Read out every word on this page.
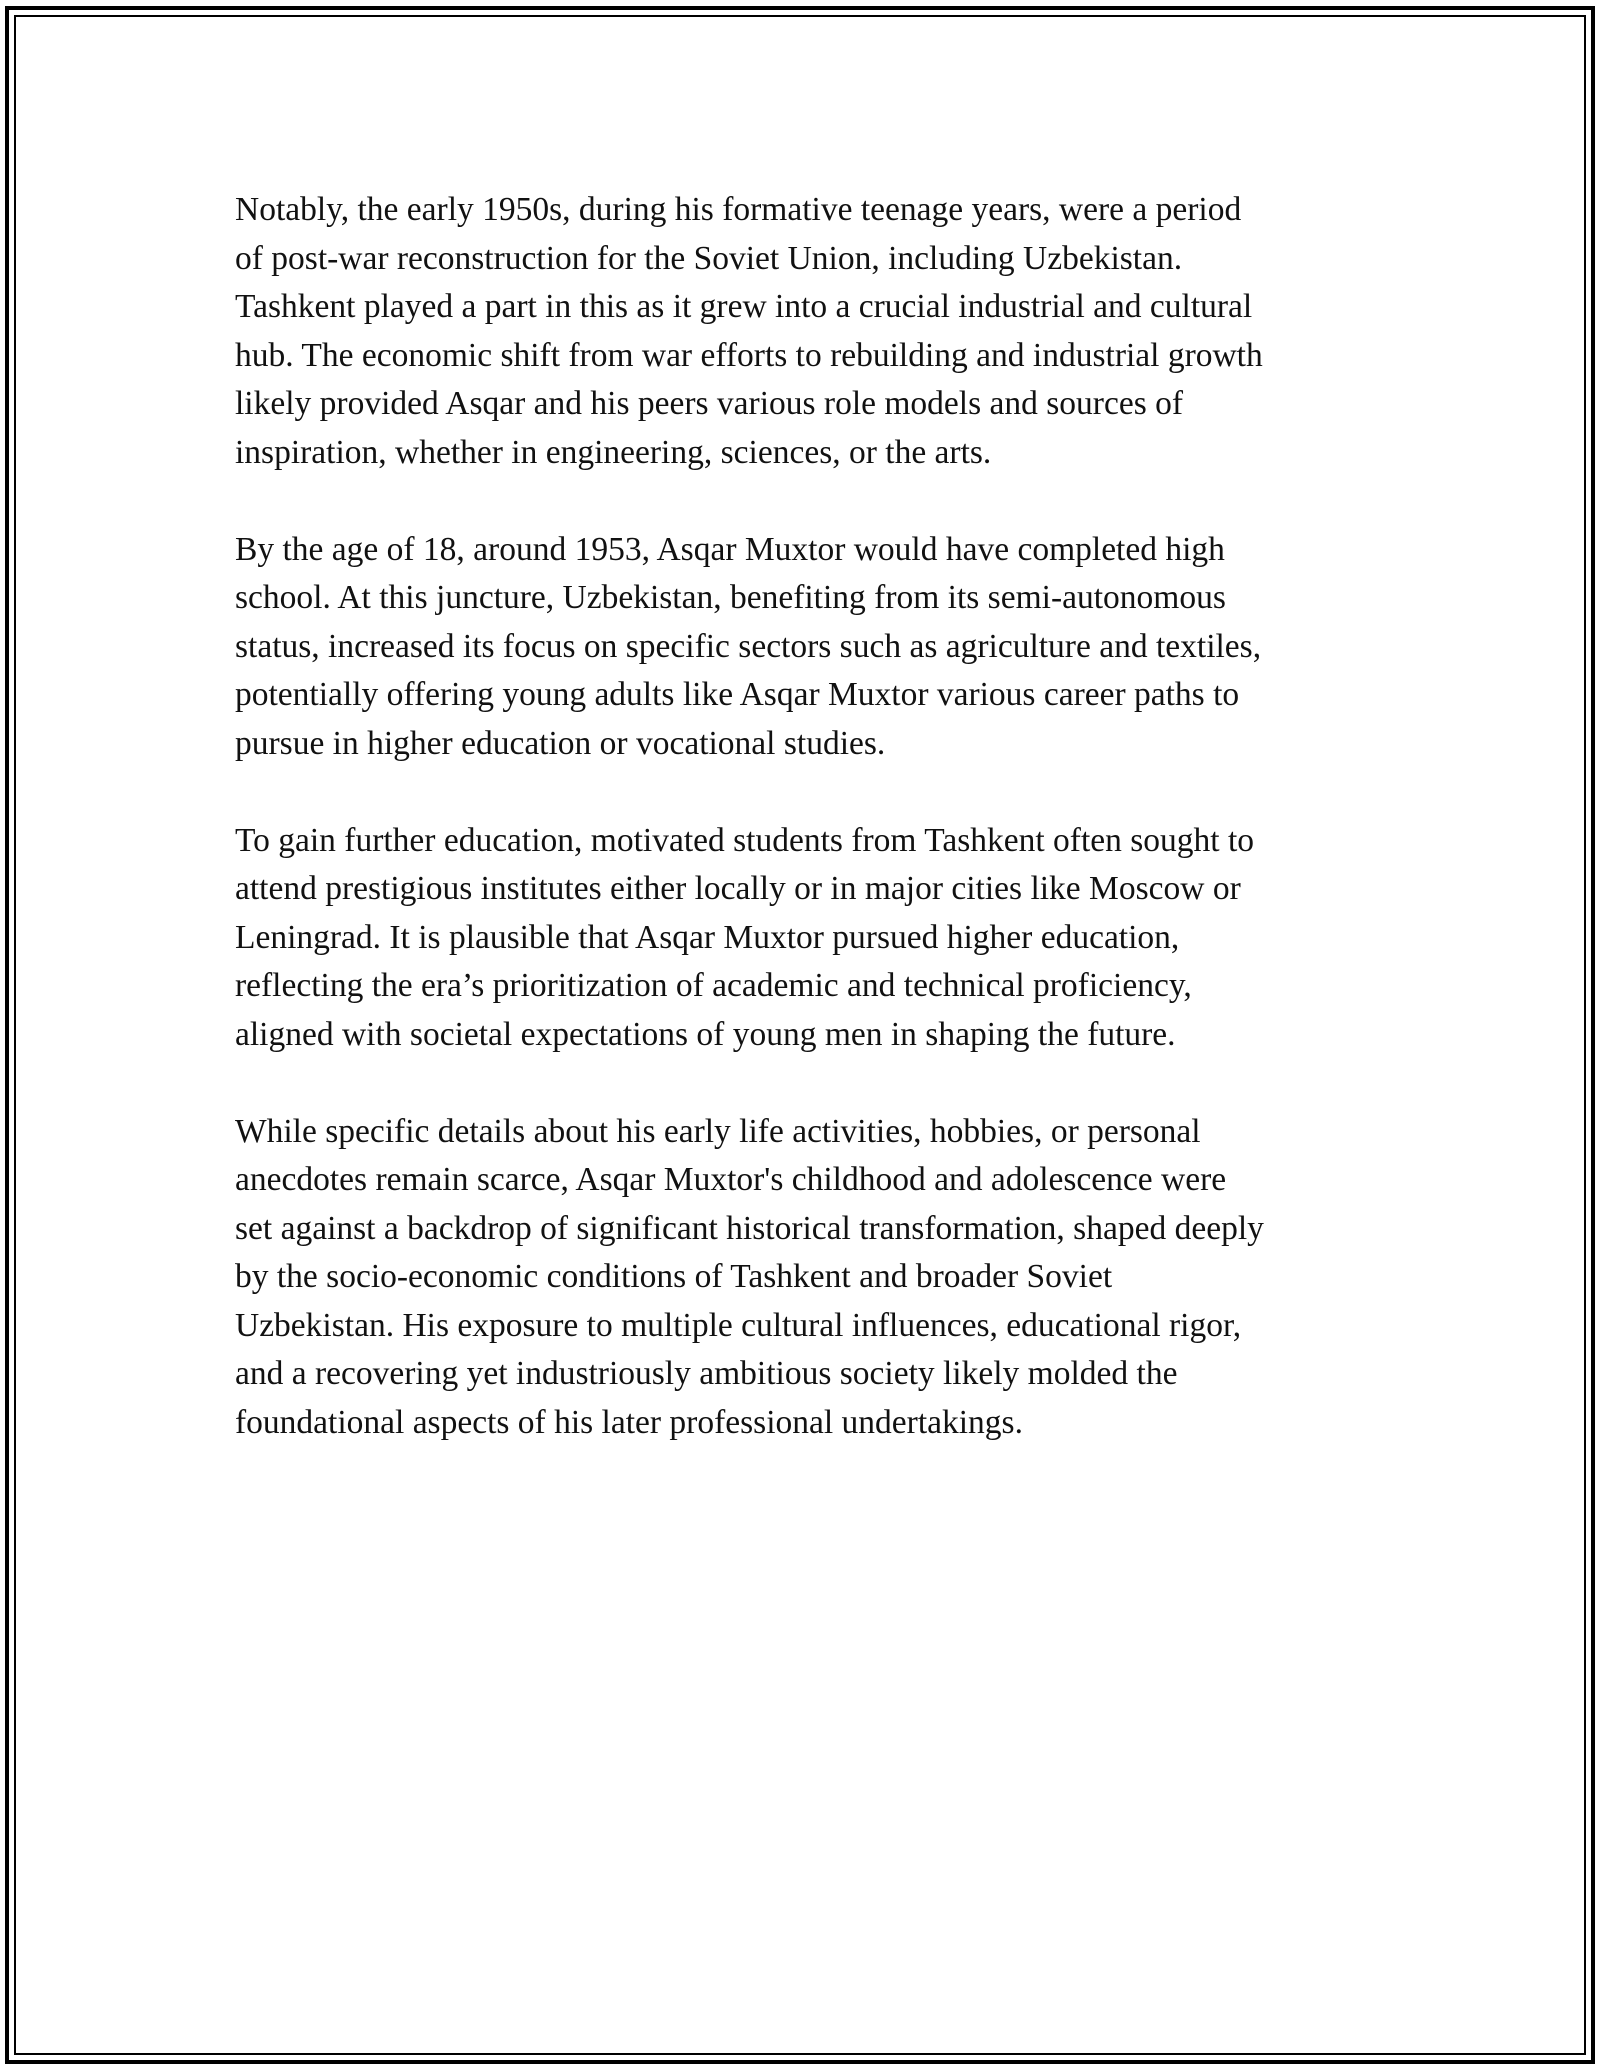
Notably, the early 1950s, during his formative teenage years, were a period
of post-war reconstruction for the Soviet Union, including Uzbekistan.
Tashkent played a part in this as it grew into a crucial industrial and cultural
hub. The economic shift from war efforts to rebuilding and industrial growth
likely provided Asqar and his peers various role models and sources of
inspiration, whether in engineering, sciences, or the arts.

By the age of 18, around 1953, Asqar Muxtor would have completed high
school. At this juncture, Uzbekistan, benefiting from its semi-autonomous
status, increased its focus on specific sectors such as agriculture and textiles,
potentially offering young adults like Asqar Muxtor various career paths to
pursue in higher education or vocational studies.

To gain further education, motivated students from Tashkent often sought to
attend prestigious institutes either locally or in major cities like Moscow or
Leningrad. It is plausible that Asqar Muxtor pursued higher education,
reflecting the era’s prioritization of academic and technical proficiency,
aligned with societal expectations of young men in shaping the future.

While specific details about his early life activities, hobbies, or personal
anecdotes remain scarce, Asqar Muxtor's childhood and adolescence were
set against a backdrop of significant historical transformation, shaped deeply
by the socio-economic conditions of Tashkent and broader Soviet
Uzbekistan. His exposure to multiple cultural influences, educational rigor,
and a recovering yet industriously ambitious society likely molded the
foundational aspects of his later professional undertakings.
